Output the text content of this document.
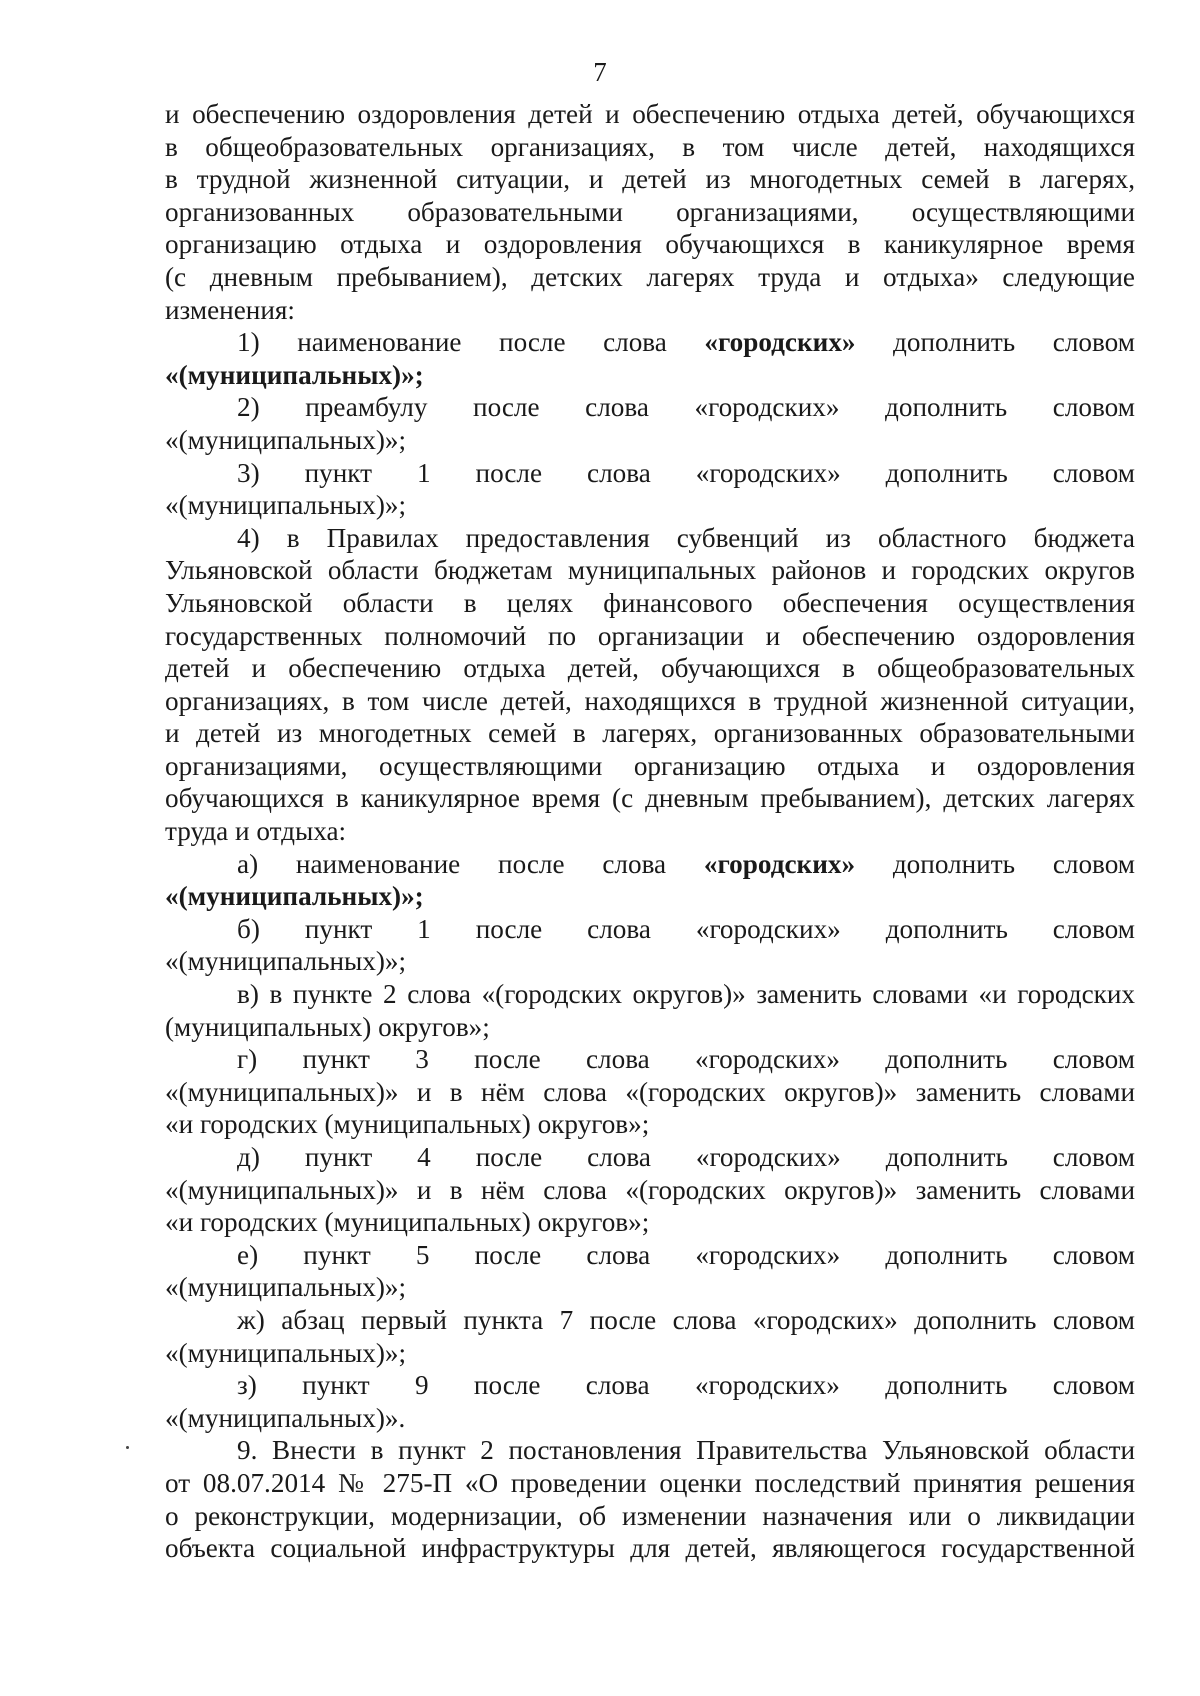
7

и обеспечению оздоровления детей и обеспечению отдыха детей, обучающихся

в общеобразовательных организациях, в том числе детей, находящихся

в трудной жизненной ситуации, и детей из многодетных семей в лагерях,

организованных образовательными организациями, осуществляющими

организацию отдыха и оздоровления обучающихся в каникулярное время

(с дневным пребыванием), детских лагерях труда и отдыха» следующие

изменения:

1) наименование после слова «городских» дополнить словом

«(муниципальных)»;

2) преамбулу после слова «городских» дополнить словом

«(муниципальных)»;

3) пункт 1 после слова «городских» дополнить словом

«(муниципальных)»;

4) в Правилах предоставления субвенций из областного бюджета

Ульяновской области бюджетам муниципальных районов и городских округов

Ульяновской области в целях финансового обеспечения осуществления

государственных полномочий по организации и обеспечению оздоровления

детей и обеспечению отдыха детей, обучающихся в общеобразовательных

организациях, в том числе детей, находящихся в трудной жизненной ситуации,

и детей из многодетных семей в лагерях, организованных образовательными

организациями, осуществляющими организацию отдыха и оздоровления

обучающихся в каникулярное время (с дневным пребыванием), детских лагерях

труда и отдыха:

а) наименование после слова «городских» дополнить словом

«(муниципальных)»;

б) пункт 1 после слова «городских» дополнить словом

«(муниципальных)»;

в) в пункте 2 слова «(городских округов)» заменить словами «и городских

(муниципальных) округов»;

г) пункт 3 после слова «городских» дополнить словом

«(муниципальных)» и в нём слова «(городских округов)» заменить словами

«и городских (муниципальных) округов»;

д) пункт 4 после слова «городских» дополнить словом

«(муниципальных)» и в нём слова «(городских округов)» заменить словами

«и городских (муниципальных) округов»;

е) пункт 5 после слова «городских» дополнить словом

«(муниципальных)»;

ж) абзац первый пункта 7 после слова «городских» дополнить словом

«(муниципальных)»;

з) пункт 9 после слова «городских» дополнить словом

«(муниципальных)».

9. Внести в пункт 2 постановления Правительства Ульяновской области

от 08.07.2014 № 275-П «О проведении оценки последствий принятия решения

о реконструкции, модернизации, об изменении назначения или о ликвидации

объекта социальной инфраструктуры для детей, являющегося государственной
